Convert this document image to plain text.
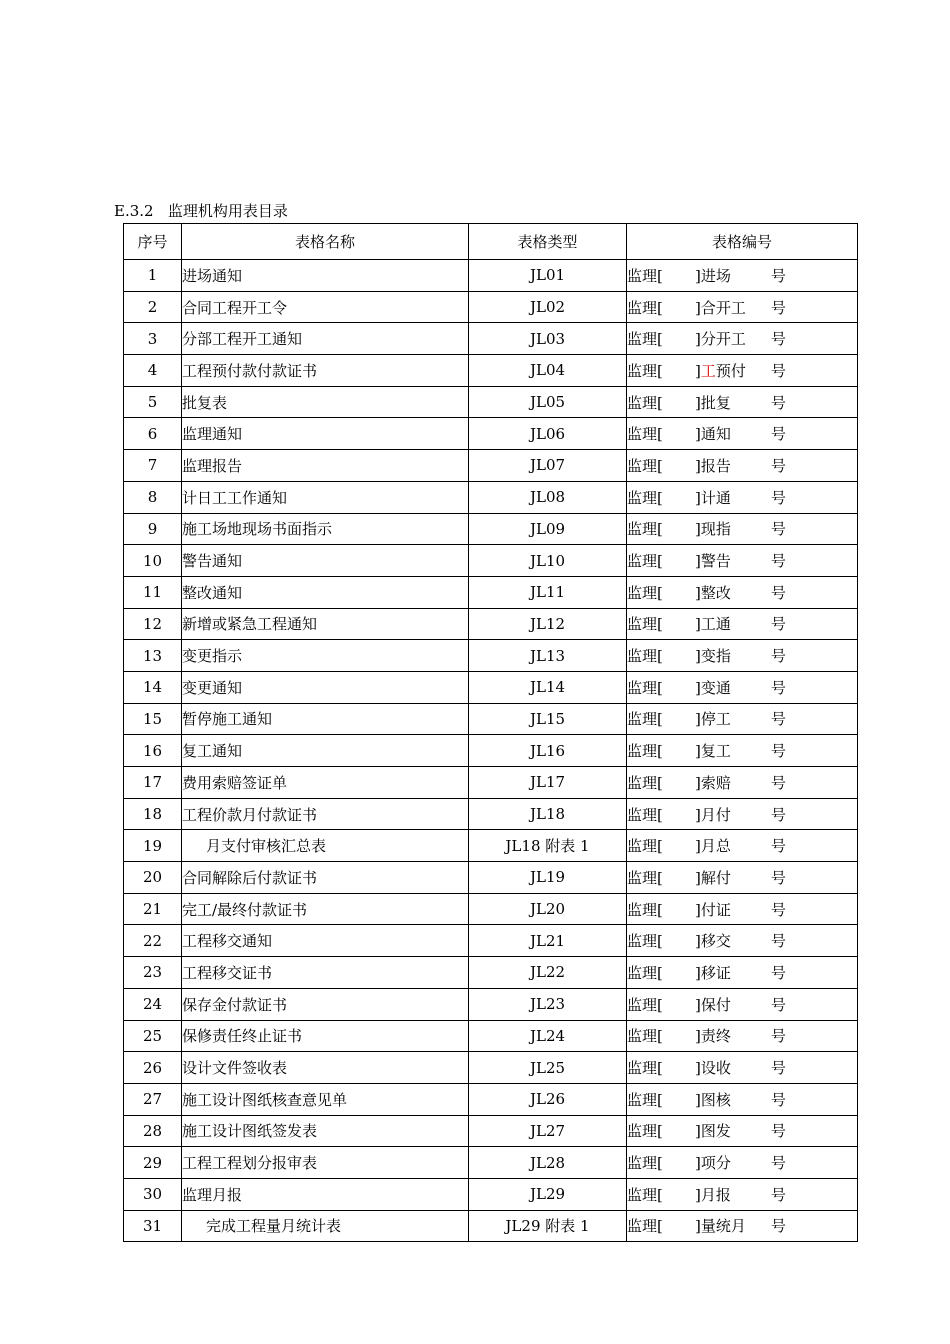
E.3.2   监理机构用表目录
序号	表格名称	表格类型	表格编号
1	进场通知	JL01	监理[ ]进场 号
2	合同工程开工令	JL02	监理[ ]合开工 号
3	分部工程开工通知	JL03	监理[ ]分开工 号
4	工程预付款付款证书	JL04	监理[ ]工预付 号
5	批复表	JL05	监理[ ]批复 号
6	监理通知	JL06	监理[ ]通知 号
7	监理报告	JL07	监理[ ]报告 号
8	计日工工作通知	JL08	监理[ ]计通 号
9	施工场地现场书面指示	JL09	监理[ ]现指 号
10	警告通知	JL10	监理[ ]警告 号
11	整改通知	JL11	监理[ ]整改 号
12	新增或紧急工程通知	JL12	监理[ ]工通 号
13	变更指示	JL13	监理[ ]变指 号
14	变更通知	JL14	监理[ ]变通 号
15	暂停施工通知	JL15	监理[ ]停工 号
16	复工通知	JL16	监理[ ]复工 号
17	费用索赔签证单	JL17	监理[ ]索赔 号
18	工程价款月付款证书	JL18	监理[ ]月付 号
19	月支付审核汇总表	JL18 附表 1	监理[ ]月总 号
20	合同解除后付款证书	JL19	监理[ ]解付 号
21	完工/最终付款证书	JL20	监理[ ]付证 号
22	工程移交通知	JL21	监理[ ]移交 号
23	工程移交证书	JL22	监理[ ]移证 号
24	保存金付款证书	JL23	监理[ ]保付 号
25	保修责任终止证书	JL24	监理[ ]责终 号
26	设计文件签收表	JL25	监理[ ]设收 号
27	施工设计图纸核查意见单	JL26	监理[ ]图核 号
28	施工设计图纸签发表	JL27	监理[ ]图发 号
29	工程工程划分报审表	JL28	监理[ ]项分 号
30	监理月报	JL29	监理[ ]月报 号
31	完成工程量月统计表	JL29 附表 1	监理[ ]量统月 号
